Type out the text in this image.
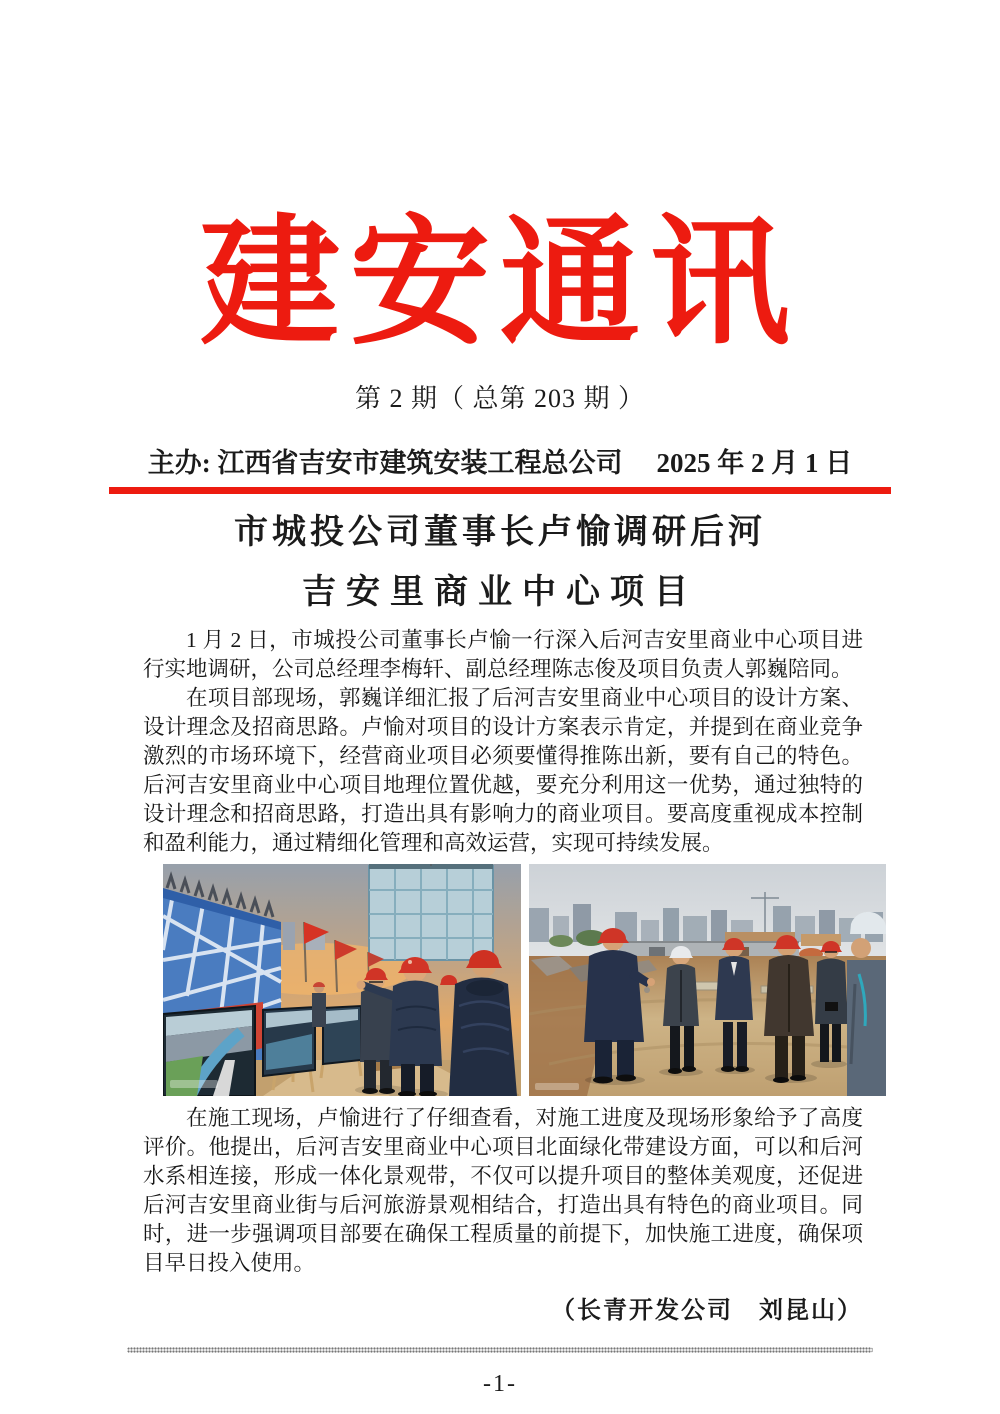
建安通讯
第 2 期（ 总第 203 期 ）
主办: 江西省吉安市建筑安装工程总公司 2025 年 2 月 1 日
市城投公司董事长卢愉调研后河
吉安里商业中心项目

1 月 2 日，市城投公司董事长卢愉一行深入后河吉安里商业中心项目进行实地调研，公司总经理李梅轩、副总经理陈志俊及项目负责人郭巍陪同。

在项目部现场，郭巍详细汇报了后河吉安里商业中心项目的设计方案、设计理念及招商思路。卢愉对项目的设计方案表示肯定，并提到在商业竞争激烈的市场环境下，经营商业项目必须要懂得推陈出新，要有自己的特色。后河吉安里商业中心项目地理位置优越，要充分利用这一优势，通过独特的设计理念和招商思路，打造出具有影响力的商业项目。要高度重视成本控制和盈利能力，通过精细化管理和高效运营，实现可持续发展。

在施工现场，卢愉进行了仔细查看，对施工进度及现场形象给予了高度评价。他提出，后河吉安里商业中心项目北面绿化带建设方面，可以和后河水系相连接，形成一体化景观带，不仅可以提升项目的整体美观度，还促进后河吉安里商业街与后河旅游景观相结合，打造出具有特色的商业项目。同时，进一步强调项目部要在确保工程质量的前提下，加快施工进度，确保项目早日投入使用。

（长青开发公司　刘昆山）

-1-
